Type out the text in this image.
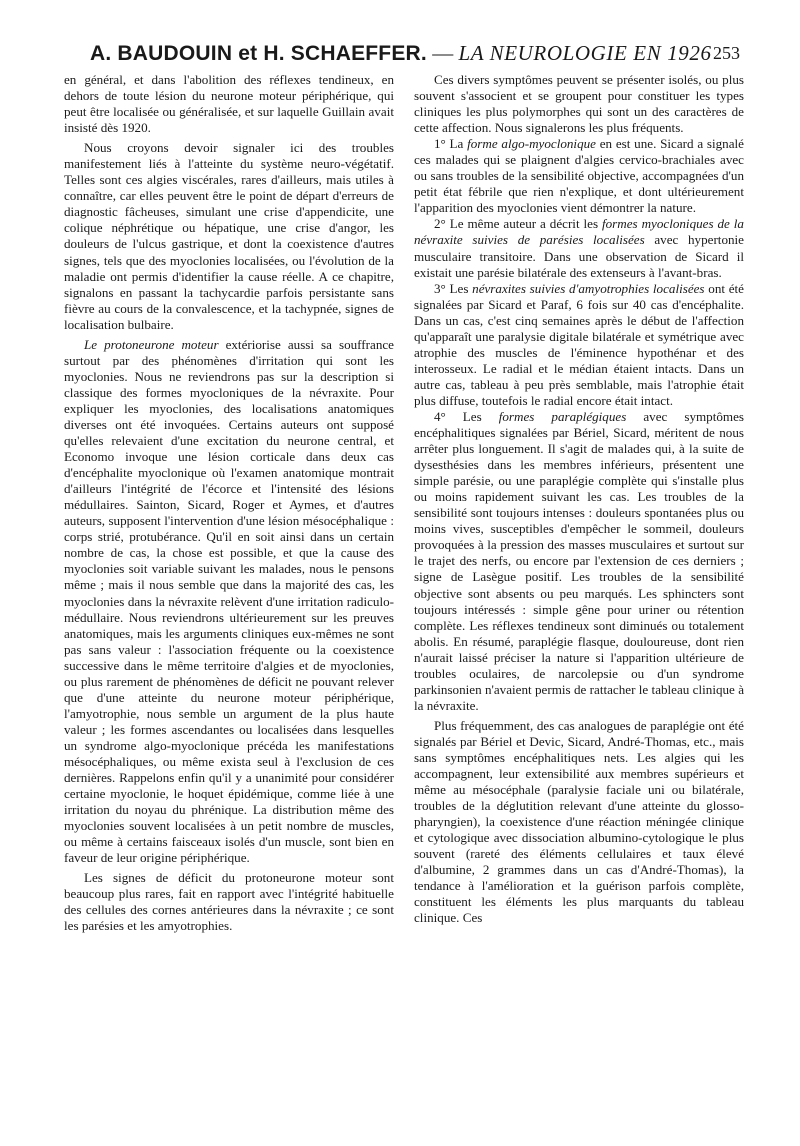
A. BAUDOUIN et H. SCHAEFFER. — LA NEUROLOGIE EN 1926 253

en général, et dans l'abolition des réflexes tendineux, en dehors de toute lésion du neurone moteur périphérique, qui peut être localisée ou généralisée, et sur laquelle Guillain avait insisté dès 1920.

Nous croyons devoir signaler ici des troubles manifestement liés à l'atteinte du système neuro-végétatif. Telles sont ces algies viscérales, rares d'ailleurs, mais utiles à connaître, car elles peuvent être le point de départ d'erreurs de diagnostic fâcheuses, simulant une crise d'appendicite, une colique néphrétique ou hépatique, une crise d'angor, les douleurs de l'ulcus gastrique, et dont la coexistence d'autres signes, tels que des myoclonies localisées, ou l'évolution de la maladie ont permis d'identifier la cause réelle. A ce chapitre, signalons en passant la tachycardie parfois persistante sans fièvre au cours de la convalescence, et la tachypnée, signes de localisation bulbaire.

Le protoneurone moteur extériorise aussi sa souffrance surtout par des phénomènes d'irritation qui sont les myoclonies. Nous ne reviendrons pas sur la description si classique des formes myocloniques de la névraxite. Pour expliquer les myoclonies, des localisations anatomiques diverses ont été invoquées. Certains auteurs ont supposé qu'elles relevaient d'une excitation du neurone central, et Economo invoque une lésion corticale dans deux cas d'encéphalite myoclonique où l'examen anatomique montrait d'ailleurs l'intégrité de l'écorce et l'intensité des lésions médullaires. Sainton, Sicard, Roger et Aymes, et d'autres auteurs, supposent l'intervention d'une lésion mésocéphalique : corps strié, protubérance. Qu'il en soit ainsi dans un certain nombre de cas, la chose est possible, et que la cause des myoclonies soit variable suivant les malades, nous le pensons même ; mais il nous semble que dans la majorité des cas, les myoclonies dans la névraxite relèvent d'une irritation radiculo-médullaire. Nous reviendrons ultérieurement sur les preuves anatomiques, mais les arguments cliniques eux-mêmes ne sont pas sans valeur : l'association fréquente ou la coexistence successive dans le même territoire d'algies et de myoclonies, ou plus rarement de phénomènes de déficit ne pouvant relever que d'une atteinte du neurone moteur périphérique, l'amyotrophie, nous semble un argument de la plus haute valeur ; les formes ascendantes ou localisées dans lesquelles un syndrome algo-myoclonique précéda les manifestations mésocéphaliques, ou même exista seul à l'exclusion de ces dernières. Rappelons enfin qu'il y a unanimité pour considérer certaine myoclonie, le hoquet épidémique, comme liée à une irritation du noyau du phrénique. La distribution même des myoclonies souvent localisées à un petit nombre de muscles, ou même à certains faisceaux isolés d'un muscle, sont bien en faveur de leur origine périphérique.

Les signes de déficit du protoneurone moteur sont beaucoup plus rares, fait en rapport avec l'intégrité habituelle des cellules des cornes antérieures dans la névraxite ; ce sont les parésies et les amyotrophies.

Ces divers symptômes peuvent se présenter isolés, ou plus souvent s'associent et se groupent pour constituer les types cliniques les plus polymorphes qui sont un des caractères de cette affection. Nous signalerons les plus fréquents.

1° La forme algo-myoclonique en est une. Sicard a signalé ces malades qui se plaignent d'algies cervico-brachiales avec ou sans troubles de la sensibilité objective, accompagnées d'un petit état fébrile que rien n'explique, et dont ultérieurement l'apparition des myoclonies vient démontrer la nature.

2° Le même auteur a décrit les formes myocloniques de la névraxite suivies de parésies localisées avec hypertonie musculaire transitoire. Dans une observation de Sicard il existait une parésie bilatérale des extenseurs à l'avant-bras.

3° Les névraxites suivies d'amyotrophies localisées ont été signalées par Sicard et Paraf, 6 fois sur 40 cas d'encéphalite. Dans un cas, c'est cinq semaines après le début de l'affection qu'apparaît une paralysie digitale bilatérale et symétrique avec atrophie des muscles de l'éminence hypothénar et des interosseux. Le radial et le médian étaient intacts. Dans un autre cas, tableau à peu près semblable, mais l'atrophie était plus diffuse, toutefois le radial encore était intact.

4° Les formes paraplégiques avec symptômes encéphalitiques signalées par Bériel, Sicard, méritent de nous arrêter plus longuement. Il s'agit de malades qui, à la suite de dysesthésies dans les membres inférieurs, présentent une simple parésie, ou une paraplégie complète qui s'installe plus ou moins rapidement suivant les cas. Les troubles de la sensibilité sont toujours intenses : douleurs spontanées plus ou moins vives, susceptibles d'empêcher le sommeil, douleurs provoquées à la pression des masses musculaires et surtout sur le trajet des nerfs, ou encore par l'extension de ces derniers ; signe de Lasègue positif. Les troubles de la sensibilité objective sont absents ou peu marqués. Les sphincters sont toujours intéressés : simple gêne pour uriner ou rétention complète. Les réflexes tendineux sont diminués ou totalement abolis. En résumé, paraplégie flasque, douloureuse, dont rien n'aurait laissé préciser la nature si l'apparition ultérieure de troubles oculaires, de narcolepsie ou d'un syndrome parkinsonien n'avaient permis de rattacher le tableau clinique à la névraxite.

Plus fréquemment, des cas analogues de paraplégie ont été signalés par Bériel et Devic, Sicard, André-Thomas, etc., mais sans symptômes encéphalitiques nets. Les algies qui les accompagnent, leur extensibilité aux membres supérieurs et même au mésocéphale (paralysie faciale uni ou bilatérale, troubles de la déglutition relevant d'une atteinte du glosso-pharyngien), la coexistence d'une réaction méningée clinique et cytologique avec dissociation albumino-cytologique le plus souvent (rareté des éléments cellulaires et taux élevé d'albumine, 2 grammes dans un cas d'André-Thomas), la tendance à l'amélioration et la guérison parfois complète, constituent les éléments les plus marquants du tableau clinique. Ces
